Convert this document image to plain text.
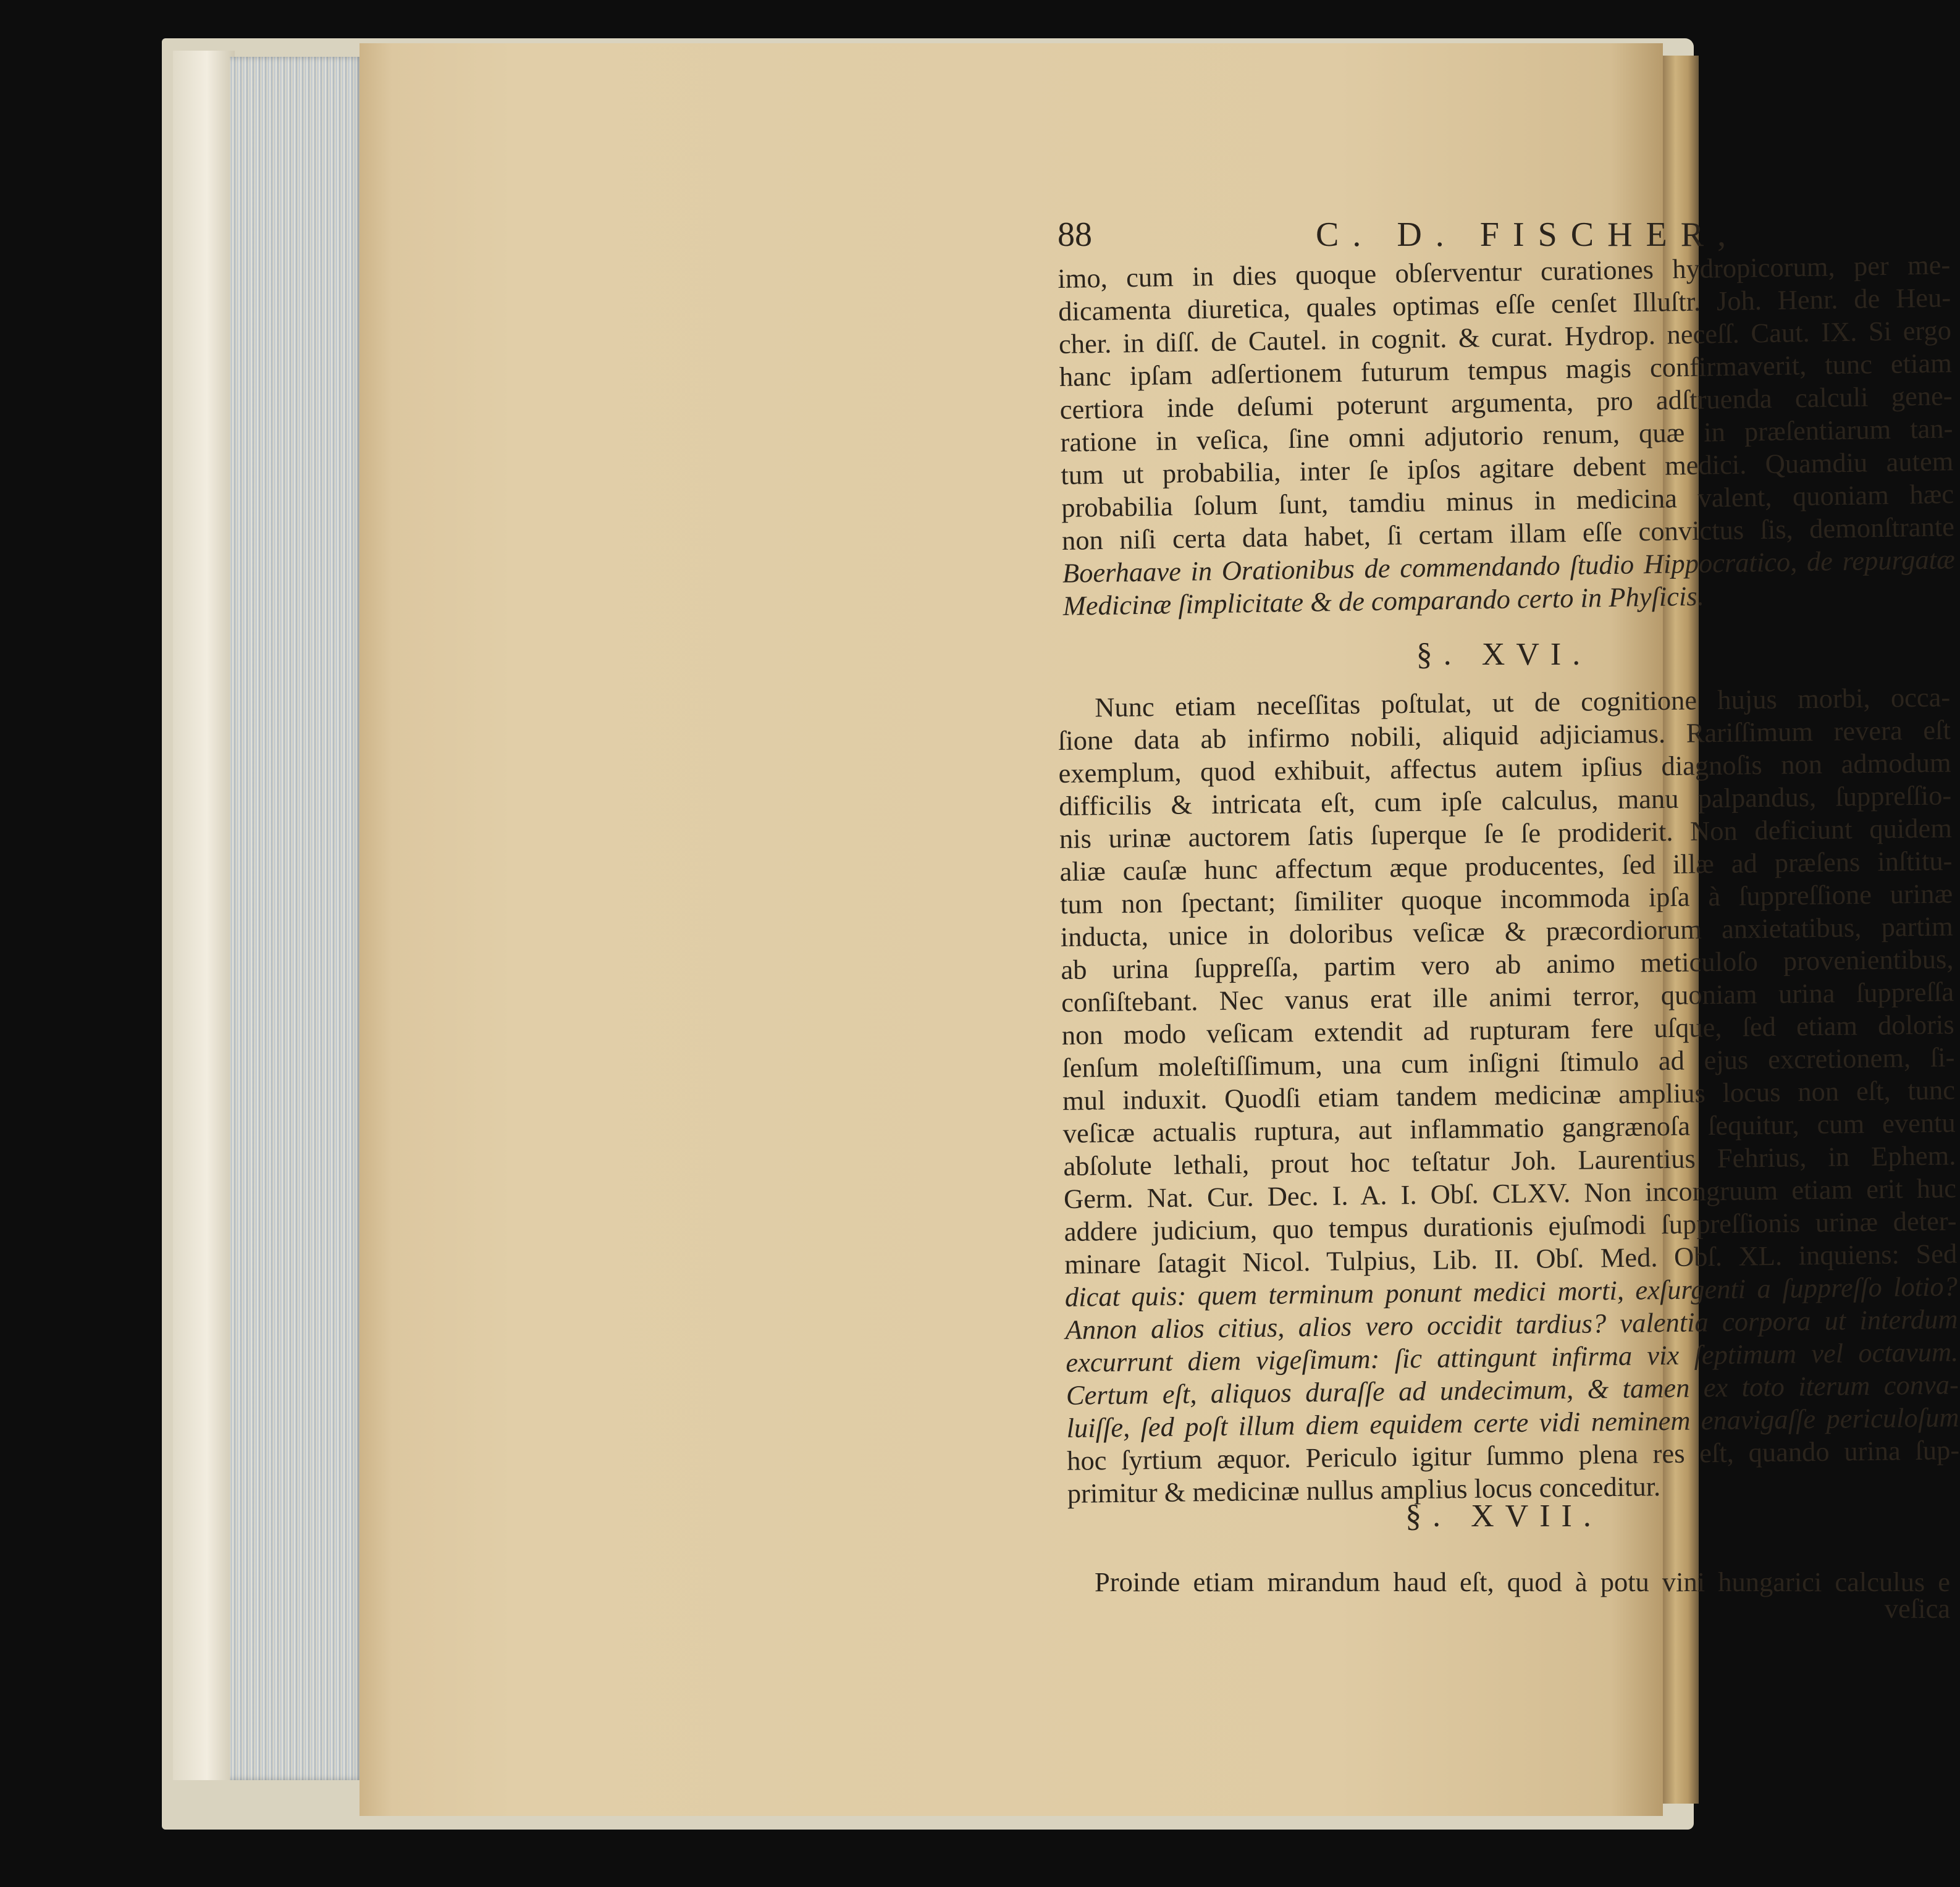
88	C. D. FISCHER,
imo, cum in dies quoque obſerventur curationes hydropicorum, per me-
dicamenta diuretica, quales optimas eſſe cenſet Illuſtr. Joh. Henr. de Heu-
cher. in diſſ. de Cautel. in cognit. & curat. Hydrop. neceſſ. Caut. IX. Si ergo
hanc ipſam adſertionem futurum tempus magis confirmaverit, tunc etiam
certiora inde deſumi poterunt argumenta, pro adſtruenda calculi gene-
ratione in veſica, ſine omni adjutorio renum, quæ in præſentiarum tan-
tum ut probabilia, inter ſe ipſos agitare debent medici. Quamdiu autem
probabilia ſolum ſunt, tamdiu minus in medicina valent, quoniam hæc
non niſi certa data habet, ſi certam illam eſſe convictus ſis, demonſtrante
Boerhaave in Orationibus de commendando ſtudio Hippocratico, de repurgatæ
Medicinæ ſimplicitate & de comparando certo in Phyſicis.
§. XVI.
Nunc etiam neceſſitas poſtulat, ut de cognitione hujus morbi, occa-
ſione data ab infirmo nobili, aliquid adjiciamus. Rariſſimum revera eſt
exemplum, quod exhibuit, affectus autem ipſius diagnoſis non admodum
difficilis & intricata eſt, cum ipſe calculus, manu palpandus, ſuppreſſio-
nis urinæ auctorem ſatis ſuperque ſe ſe prodiderit. Non deficiunt quidem
aliæ cauſæ hunc affectum æque producentes, ſed illæ ad præſens inſtitu-
tum non ſpectant; ſimiliter quoque incommoda ipſa à ſuppreſſione urinæ
inducta, unice in doloribus veſicæ & præcordiorum anxietatibus, partim
ab urina ſuppreſſa, partim vero ab animo meticuloſo provenientibus,
conſiſtebant. Nec vanus erat ille animi terror, quoniam urina ſuppreſſa
non modo veſicam extendit ad rupturam fere uſque, ſed etiam doloris
ſenſum moleſtiſſimum, una cum inſigni ſtimulo ad ejus excretionem, ſi-
mul induxit. Quodſi etiam tandem medicinæ amplius locus non eſt, tunc
veſicæ actualis ruptura, aut inflammatio gangrænoſa ſequitur, cum eventu
abſolute lethali, prout hoc teſtatur Joh. Laurentius Fehrius, in Ephem.
Germ. Nat. Cur. Dec. I. A. I. Obſ. CLXV. Non incongruum etiam erit huc
addere judicium, quo tempus durationis ejuſmodi ſuppreſſionis urinæ deter-
minare ſatagit Nicol. Tulpius, Lib. II. Obſ. Med. Obſ. XL. inquiens: Sed
dicat quis: quem terminum ponunt medici morti, exſurgenti a ſuppreſſo lotio?
Annon alios citius, alios vero occidit tardius? valentia corpora ut interdum
excurrunt diem vigeſimum: ſic attingunt infirma vix ſeptimum vel octavum.
Certum eſt, aliquos duraſſe ad undecimum, & tamen ex toto iterum conva-
luiſſe, ſed poſt illum diem equidem certe vidi neminem enavigaſſe periculoſum
hoc ſyrtium æquor. Periculo igitur ſummo plena res eſt, quando urina ſup-
primitur & medicinæ nullus amplius locus conceditur.
§. XVII.
Proinde etiam mirandum haud eſt, quod à potu vini hungarici calculus e
veſica
